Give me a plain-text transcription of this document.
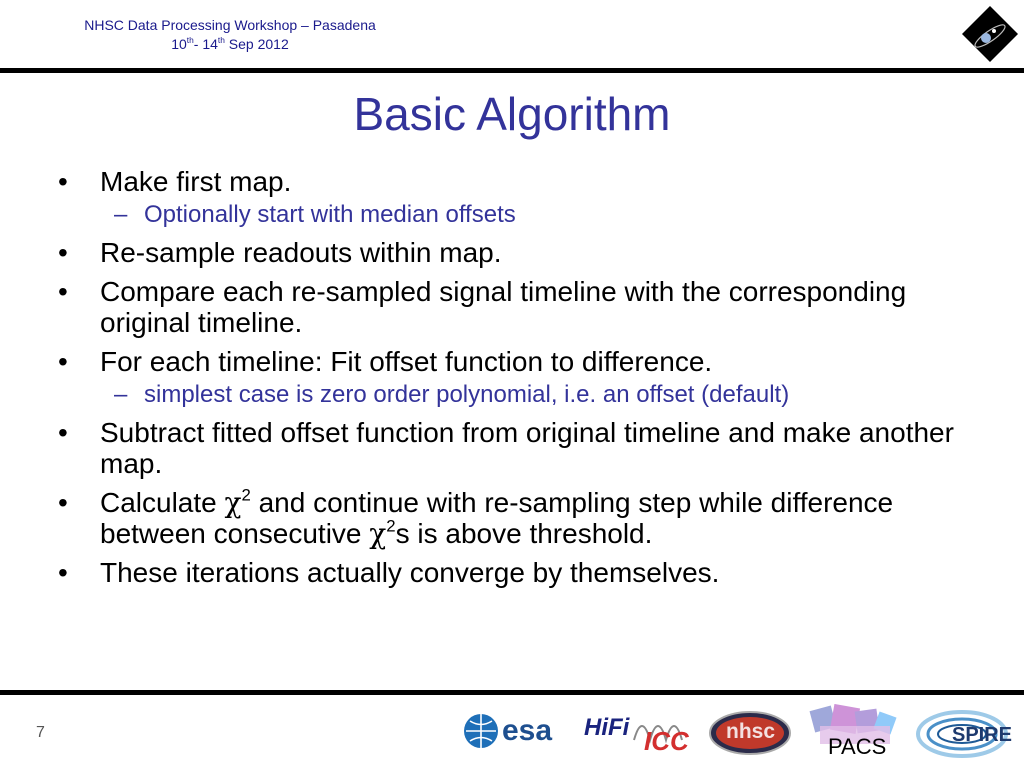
NHSC Data Processing Workshop – Pasadena
10th- 14th Sep 2012
Basic Algorithm
• Make first map.
– Optionally start with median offsets
• Re-sample readouts within map.
• Compare each re-sampled signal timeline with the corresponding original timeline.
• For each timeline: Fit offset function to difference.
– simplest case is zero order polynomial, i.e. an offset (default)
• Subtract fitted offset function from original timeline and make another map.
• Calculate $\chi^2$ and continue with re-sampling step while difference between consecutive $\chi^2s$ is above threshold.
• These iterations actually converge by themselves.
7	esa HiFi ICC nhsc
PACS	SPIRE
